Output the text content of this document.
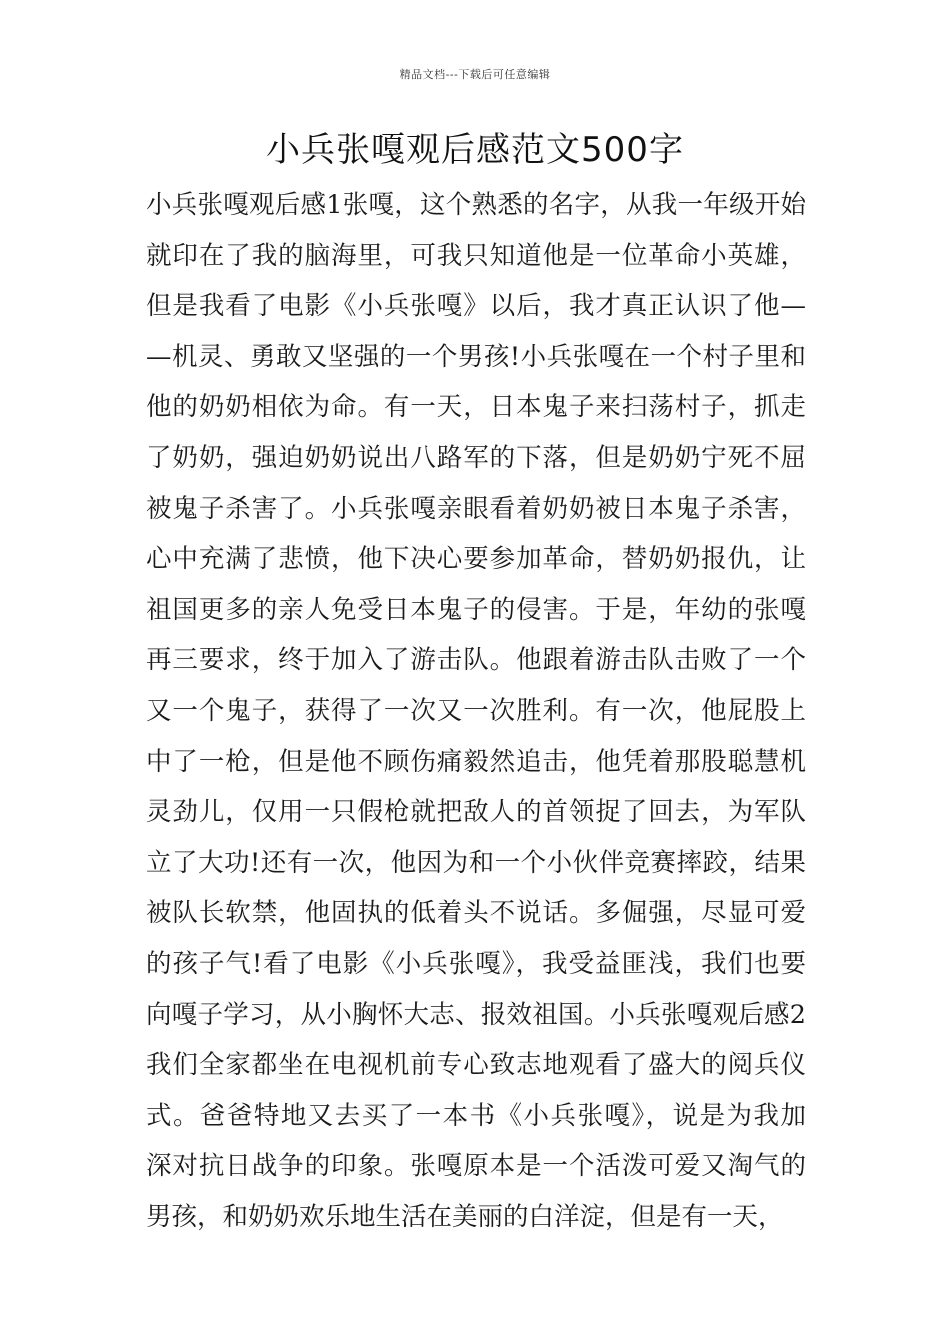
精品文档---下载后可任意编辑
小兵张嘎观后感范文500字
小兵张嘎观后感1张嘎，这个熟悉的名字，从我一年级开始
就印在了我的脑海里，可我只知道他是一位革命小英雄，
但是我看了电影《小兵张嘎》以后，我才真正认识了他—
—机灵、勇敢又坚强的一个男孩!小兵张嘎在一个村子里和
他的奶奶相依为命。有一天，日本鬼子来扫荡村子，抓走
了奶奶，强迫奶奶说出八路军的下落，但是奶奶宁死不屈
被鬼子杀害了。小兵张嘎亲眼看着奶奶被日本鬼子杀害，
心中充满了悲愤，他下决心要参加革命，替奶奶报仇，让
祖国更多的亲人免受日本鬼子的侵害。于是，年幼的张嘎
再三要求，终于加入了游击队。他跟着游击队击败了一个
又一个鬼子，获得了一次又一次胜利。有一次，他屁股上
中了一枪，但是他不顾伤痛毅然追击，他凭着那股聪慧机
灵劲儿，仅用一只假枪就把敌人的首领捉了回去，为军队
立了大功!还有一次，他因为和一个小伙伴竞赛摔跤，结果
被队长软禁，他固执的低着头不说话。多倔强，尽显可爱
的孩子气!看了电影《小兵张嘎》，我受益匪浅，我们也要
向嘎子学习，从小胸怀大志、报效祖国。小兵张嘎观后感2
我们全家都坐在电视机前专心致志地观看了盛大的阅兵仪
式。爸爸特地又去买了一本书《小兵张嘎》，说是为我加
深对抗日战争的印象。张嘎原本是一个活泼可爱又淘气的
男孩，和奶奶欢乐地生活在美丽的白洋淀，但是有一天，
